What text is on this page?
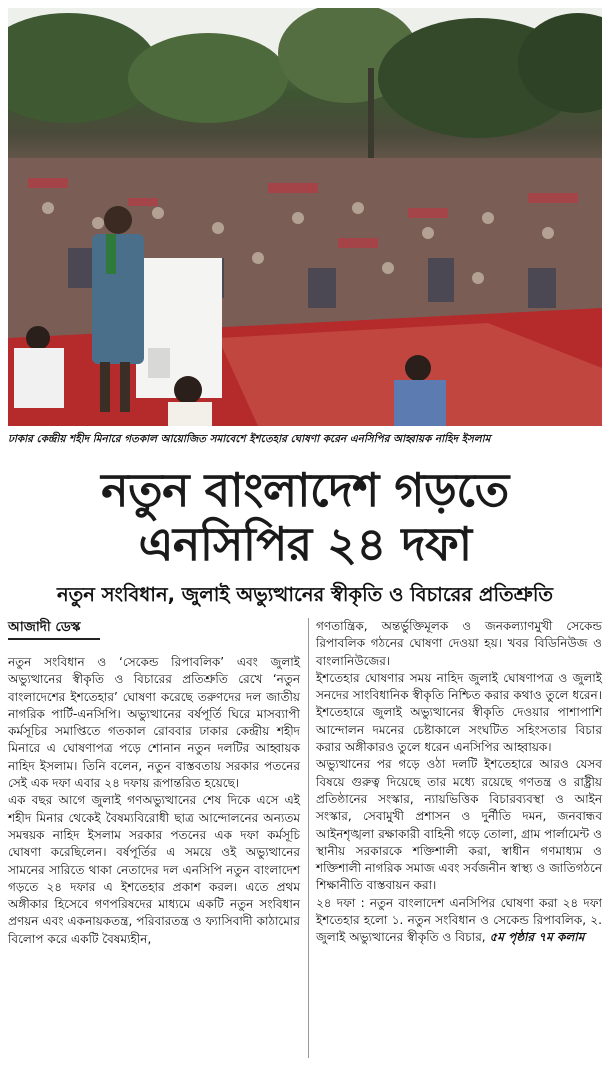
ঢাকার কেন্দ্রীয় শহীদ মিনারে গতকাল আয়োজিত সমাবেশে ইশতেহার ঘোষণা করেন এনসিপির আহ্বায়ক নাহিদ ইসলাম
নতুন বাংলাদেশ গড়তে
এনসিপির ২৪ দফা
নতুন সংবিধান, জুলাই অভ্যুত্থানের স্বীকৃতি ও বিচারের প্রতিশ্রুতি
আজাদী ডেস্ক

নতুন সংবিধান ও ‘সেকেন্ড রিপাবলিক’ এবং জুলাই অভ্যুত্থানের স্বীকৃতি ও বিচারের প্রতিশ্রুতি রেখে ‘নতুন বাংলাদেশের ইশতেহার’ ঘোষণা করেছে তরুণদের দল জাতীয় নাগরিক পার্টি-এনসিপি। অভ্যুত্থানের বর্ষপূর্তি ঘিরে মাসব্যাপী কর্মসূচির সমাপ্তিতে গতকাল রোববার ঢাকার কেন্দ্রীয় শহীদ মিনারে এ ঘোষণাপত্র পড়ে শোনান নতুন দলটির আহ্বায়ক নাহিদ ইসলাম। তিনি বলেন, নতুন বাস্তবতায় সরকার পতনের সেই এক দফা এবার ২৪ দফায় রূপান্তরিত হয়েছে।

এক বছর আগে জুলাই গণঅভ্যুত্থানের শেষ দিকে এসে এই শহীদ মিনার থেকেই বৈষম্যবিরোধী ছাত্র আন্দোলনের অন্যতম সমন্বয়ক নাহিদ ইসলাম সরকার পতনের এক দফা কর্মসূচি ঘোষণা করেছিলেন। বর্ষপূর্তির এ সময়ে ওই অভ্যুত্থানের সামনের সারিতে থাকা নেতাদের দল এনসিপি নতুন বাংলাদেশ গড়তে ২৪ দফার এ ইশতেহার প্রকাশ করল। এতে প্রথম অঙ্গীকার হিসেবে গণপরিষদের মাধ্যমে একটি নতুন সংবিধান প্রণয়ন এবং একনায়কতন্ত্র, পরিবারতন্ত্র ও ফ্যাসিবাদী কাঠামোর বিলোপ করে একটি বৈষম্যহীন,

গণতান্ত্রিক, অন্তর্ভুক্তিমূলক ও জনকল্যাণমুখী সেকেন্ড রিপাবলিক গঠনের ঘোষণা দেওয়া হয়। খবর বিডিনিউজ ও বাংলানিউজের।

ইশতেহার ঘোষণার সময় নাহিদ জুলাই ঘোষণাপত্র ও জুলাই সনদের সাংবিধানিক স্বীকৃতি নিশ্চিত করার কথাও তুলে ধরেন। ইশতেহারে জুলাই অভ্যুত্থানের স্বীকৃতি দেওয়ার পাশাপাশি আন্দোলন দমনের চেষ্টাকালে সংঘটিত সহিংসতার বিচার করার অঙ্গীকারও তুলে ধরেন এনসিপির আহ্বায়ক।

অভ্যুত্থানের পর গড়ে ওঠা দলটি ইশতেহারে আরও যেসব বিষয়ে গুরুত্ব দিয়েছে তার মধ্যে রয়েছে গণতন্ত্র ও রাষ্ট্রীয় প্রতিষ্ঠানের সংস্কার, ন্যায়ভিত্তিক বিচারব্যবস্থা ও আইন সংস্কার, সেবামুখী প্রশাসন ও দুর্নীতি দমন, জনবান্ধব আইনশৃঙ্খলা রক্ষাকারী বাহিনী গড়ে তোলা, গ্রাম পার্লামেন্ট ও স্থানীয় সরকারকে শক্তিশালী করা, স্বাধীন গণমাধ্যম ও শক্তিশালী নাগরিক সমাজ এবং সর্বজনীন স্বাস্থ্য ও জাতিগঠনে শিক্ষানীতি বাস্তবায়ন করা।

২৪ দফা : নতুন বাংলাদেশ এনসিপির ঘোষণা করা ২৪ দফা ইশতেহার হলো ১. নতুন সংবিধান ও সেকেন্ড রিপাবলিক, ২. জুলাই অভ্যুত্থানের স্বীকৃতি ও বিচার, ৫ম পৃষ্ঠার ৭ম কলাম
